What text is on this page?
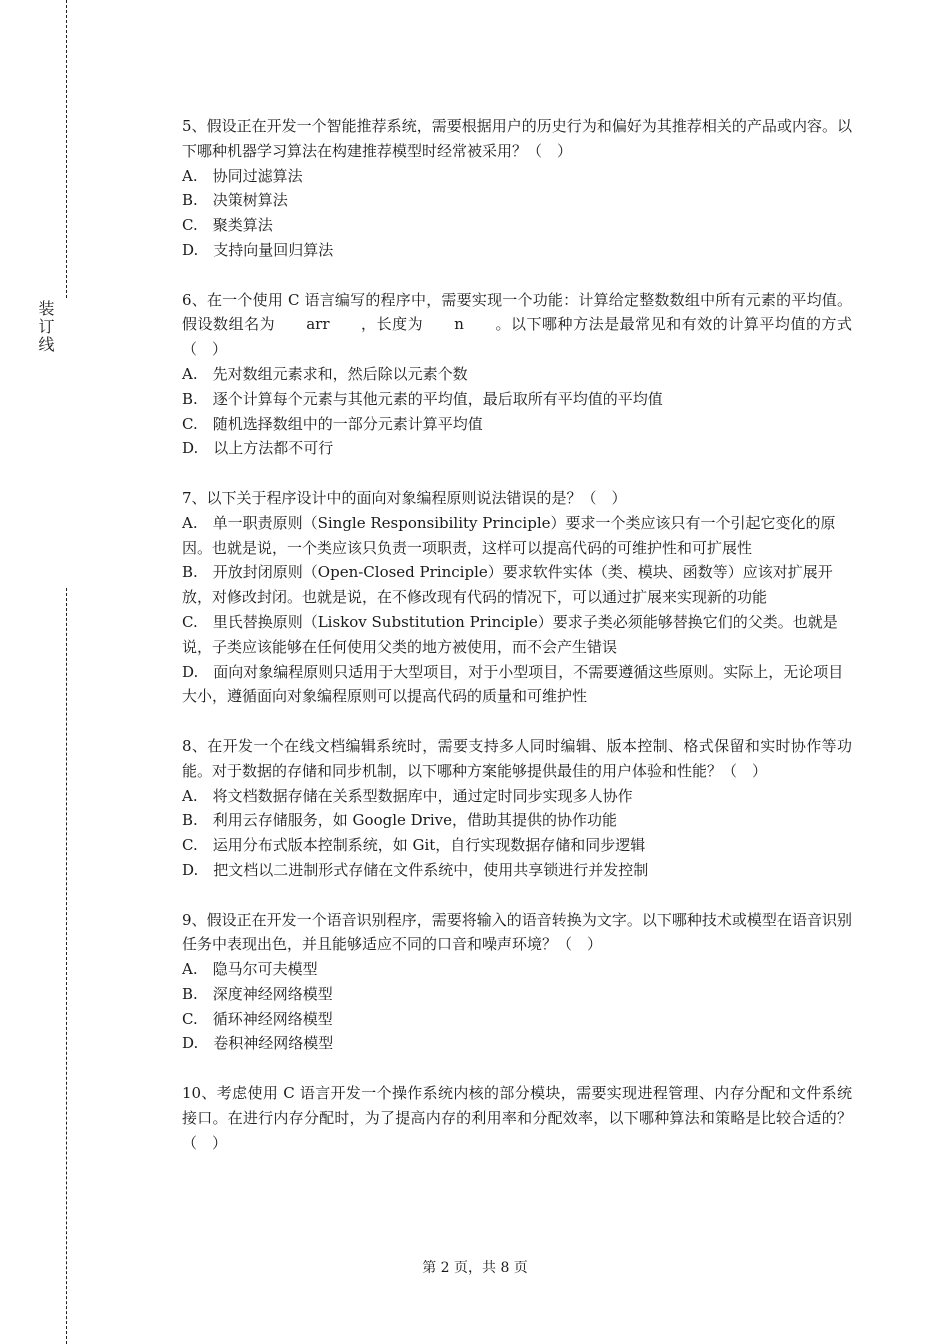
装订线

5、假设正在开发一个智能推荐系统，需要根据用户的历史行为和偏好为其推荐相关的产品或内容。以下哪种机器学习算法在构建推荐模型时经常被采用？（　）

A.　协同过滤算法

B.　决策树算法

C.　聚类算法

D.　支持向量回归算法

6、在一个使用 C 语言编写的程序中，需要实现一个功能：计算给定整数数组中所有元素的平均值。假设数组名为　　arr　　，长度为　　n　　。以下哪种方法是最常见和有效的计算平均值的方式（　）

A.　先对数组元素求和，然后除以元素个数

B.　逐个计算每个元素与其他元素的平均值，最后取所有平均值的平均值

C.　随机选择数组中的一部分元素计算平均值

D.　以上方法都不可行

7、以下关于程序设计中的面向对象编程原则说法错误的是？（　）

A.　单一职责原则（Single Responsibility Principle）要求一个类应该只有一个引起它变化的原因。也就是说，一个类应该只负责一项职责，这样可以提高代码的可维护性和可扩展性

B.　开放封闭原则（Open-Closed Principle）要求软件实体（类、模块、函数等）应该对扩展开放，对修改封闭。也就是说，在不修改现有代码的情况下，可以通过扩展来实现新的功能

C.　里氏替换原则（Liskov Substitution Principle）要求子类必须能够替换它们的父类。也就是说，子类应该能够在任何使用父类的地方被使用，而不会产生错误

D.　面向对象编程原则只适用于大型项目，对于小型项目，不需要遵循这些原则。实际上，无论项目大小，遵循面向对象编程原则可以提高代码的质量和可维护性

8、在开发一个在线文档编辑系统时，需要支持多人同时编辑、版本控制、格式保留和实时协作等功能。对于数据的存储和同步机制，以下哪种方案能够提供最佳的用户体验和性能？（　）

A.　将文档数据存储在关系型数据库中，通过定时同步实现多人协作

B.　利用云存储服务，如 Google Drive，借助其提供的协作功能

C.　运用分布式版本控制系统，如 Git，自行实现数据存储和同步逻辑

D.　把文档以二进制形式存储在文件系统中，使用共享锁进行并发控制

9、假设正在开发一个语音识别程序，需要将输入的语音转换为文字。以下哪种技术或模型在语音识别任务中表现出色，并且能够适应不同的口音和噪声环境？（　）

A.　隐马尔可夫模型

B.　深度神经网络模型

C.　循环神经网络模型

D.　卷积神经网络模型

10、考虑使用 C 语言开发一个操作系统内核的部分模块，需要实现进程管理、内存分配和文件系统接口。在进行内存分配时，为了提高内存的利用率和分配效率，以下哪种算法和策略是比较合适的？（　）

第 2 页，共 8 页
